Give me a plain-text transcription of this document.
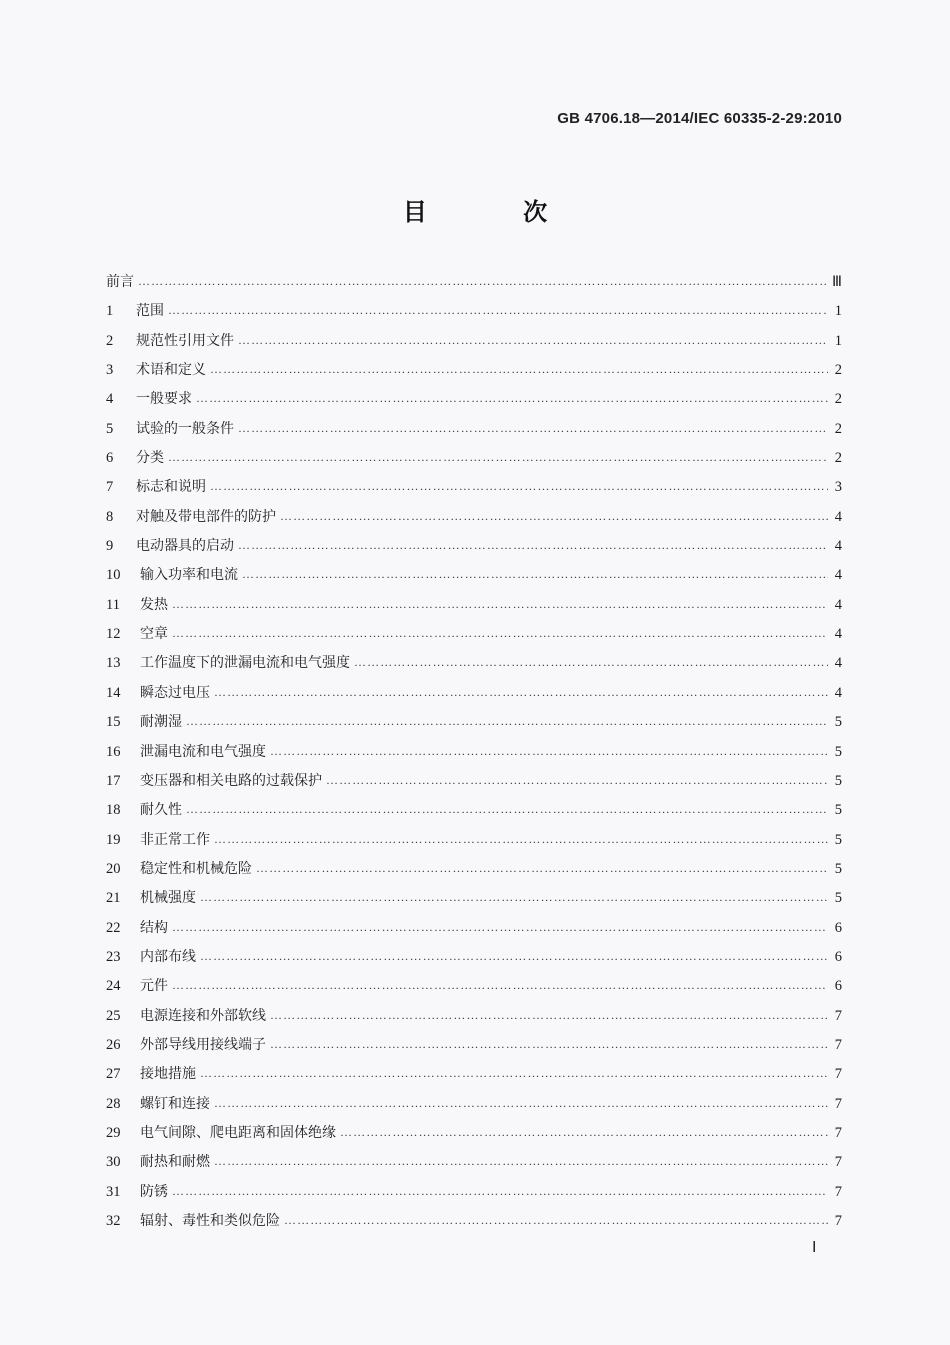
GB 4706.18—2014/IEC 60335-2-29:2010
目 次
前言 ……………………………………………………………………………………………………………………………………………………………………………………………………………………………………………………	Ⅲ
1	范围 ……………………………………………………………………………………………………………………………………………………………………………………………………………………………………………………	1
2	规范性引用文件 ……………………………………………………………………………………………………………………………………………………………………………………………………………………………………………………	1
3	术语和定义 ……………………………………………………………………………………………………………………………………………………………………………………………………………………………………………………	2
4	一般要求 ……………………………………………………………………………………………………………………………………………………………………………………………………………………………………………………	2
5	试验的一般条件 ……………………………………………………………………………………………………………………………………………………………………………………………………………………………………………………	2
6	分类 ……………………………………………………………………………………………………………………………………………………………………………………………………………………………………………………	2
7	标志和说明 ……………………………………………………………………………………………………………………………………………………………………………………………………………………………………………………	3
8	对触及带电部件的防护 ……………………………………………………………………………………………………………………………………………………………………………………………………………………………………………………	4
9	电动器具的启动 ……………………………………………………………………………………………………………………………………………………………………………………………………………………………………………………	4
10	输入功率和电流 ……………………………………………………………………………………………………………………………………………………………………………………………………………………………………………………	4
11	发热 ……………………………………………………………………………………………………………………………………………………………………………………………………………………………………………………	4
12	空章 ……………………………………………………………………………………………………………………………………………………………………………………………………………………………………………………	4
13	工作温度下的泄漏电流和电气强度 ……………………………………………………………………………………………………………………………………………………………………………………………………………………………………………………	4
14	瞬态过电压 ……………………………………………………………………………………………………………………………………………………………………………………………………………………………………………………	4
15	耐潮湿 ……………………………………………………………………………………………………………………………………………………………………………………………………………………………………………………	5
16	泄漏电流和电气强度 ……………………………………………………………………………………………………………………………………………………………………………………………………………………………………………………	5
17	变压器和相关电路的过载保护 ……………………………………………………………………………………………………………………………………………………………………………………………………………………………………………………	5
18	耐久性 ……………………………………………………………………………………………………………………………………………………………………………………………………………………………………………………	5
19	非正常工作 ……………………………………………………………………………………………………………………………………………………………………………………………………………………………………………………	5
20	稳定性和机械危险 ……………………………………………………………………………………………………………………………………………………………………………………………………………………………………………………	5
21	机械强度 ……………………………………………………………………………………………………………………………………………………………………………………………………………………………………………………	5
22	结构 ……………………………………………………………………………………………………………………………………………………………………………………………………………………………………………………	6
23	内部布线 ……………………………………………………………………………………………………………………………………………………………………………………………………………………………………………………	6
24	元件 ……………………………………………………………………………………………………………………………………………………………………………………………………………………………………………………	6
25	电源连接和外部软线 ……………………………………………………………………………………………………………………………………………………………………………………………………………………………………………………	7
26	外部导线用接线端子 ……………………………………………………………………………………………………………………………………………………………………………………………………………………………………………………	7
27	接地措施 ……………………………………………………………………………………………………………………………………………………………………………………………………………………………………………………	7
28	螺钉和连接 ……………………………………………………………………………………………………………………………………………………………………………………………………………………………………………………	7
29	电气间隙、爬电距离和固体绝缘 ……………………………………………………………………………………………………………………………………………………………………………………………………………………………………………………	7
30	耐热和耐燃 ……………………………………………………………………………………………………………………………………………………………………………………………………………………………………………………	7
31	防锈 ……………………………………………………………………………………………………………………………………………………………………………………………………………………………………………………	7
32	辐射、毒性和类似危险 ……………………………………………………………………………………………………………………………………………………………………………………………………………………………………………………	7
Ⅰ
